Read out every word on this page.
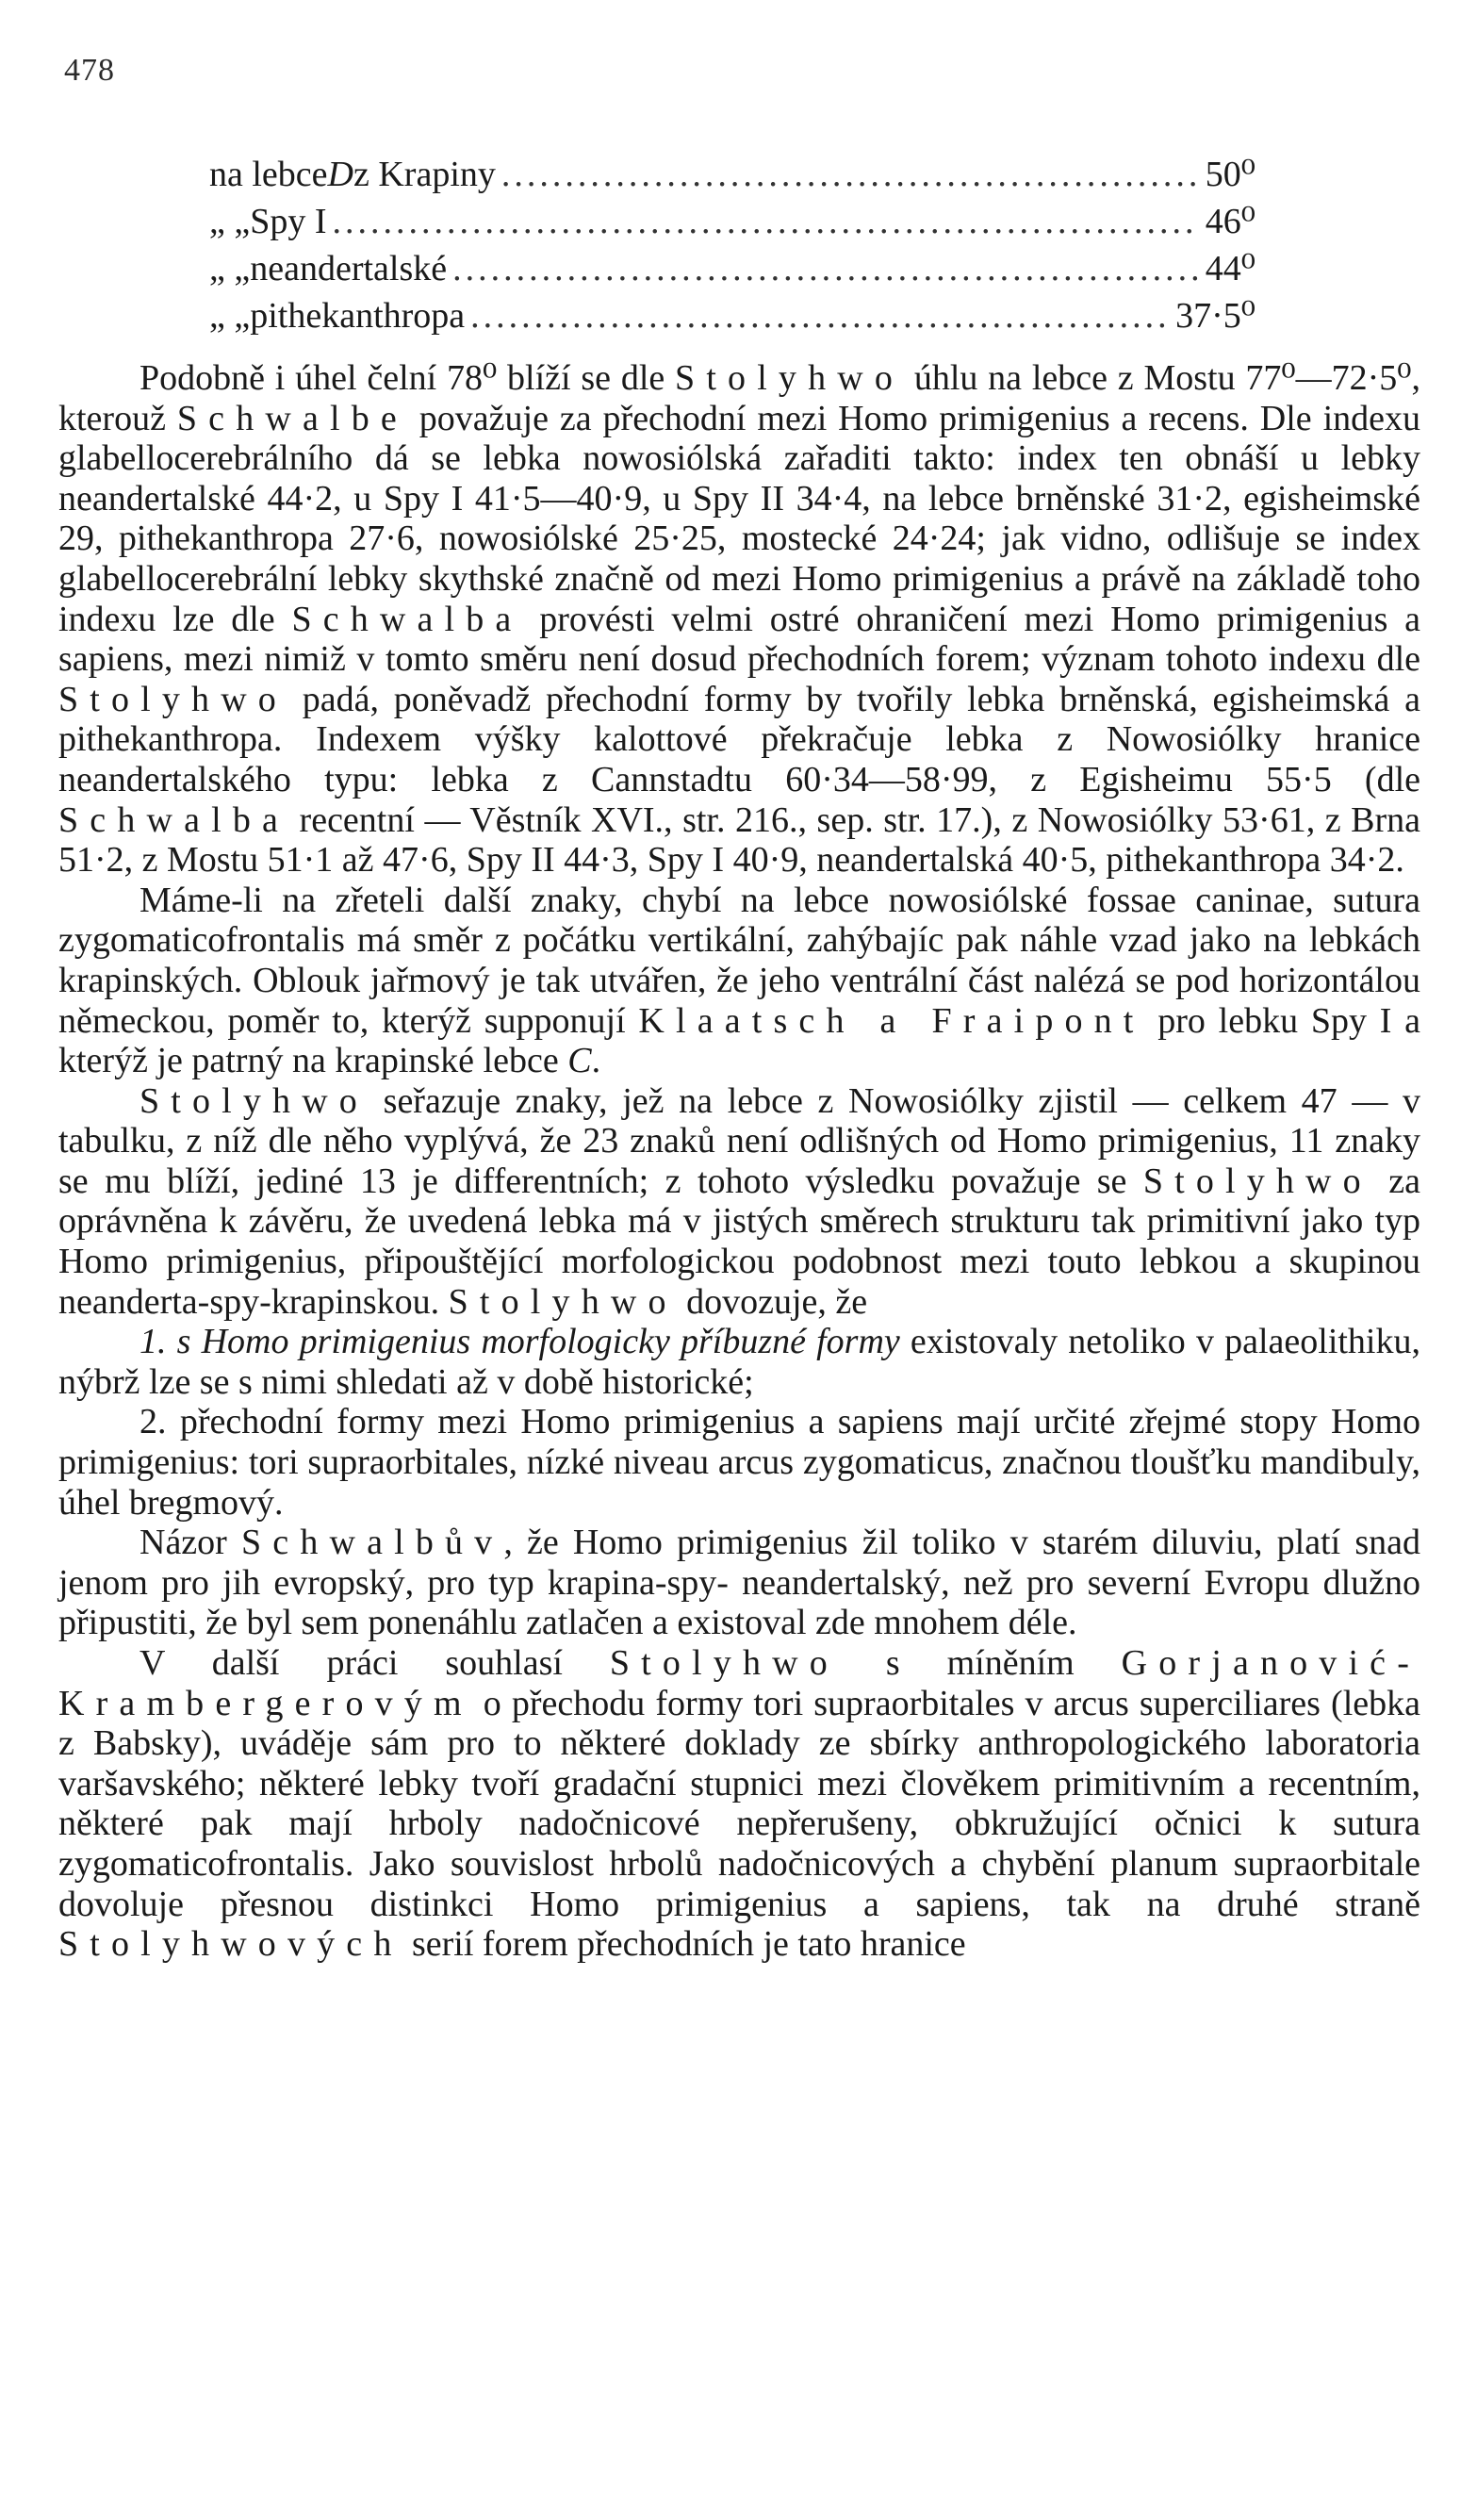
478
na lebce D z Krapiny .....	50⁰
„ „ Spy I .....	46⁰
„ „ neandertalské .....	44⁰
„ „ pithekanthropa .....	37·5⁰

Podobně i úhel čelní 78⁰ blíží se dle Stolyhwo úhlu na lebce z Mostu 77⁰—72·5⁰, kterouž Schwalbe považuje za přechodní mezi Homo primigenius a recens. Dle indexu glabellocerebrálního dá se lebka nowosiólská zařaditi takto: index ten obnáší u lebky neandertalské 44·2, u Spy I 41·5—40·9, u Spy II 34·4, na lebce brněnské 31·2, egisheimské 29, pithekanthropa 27·6, nowosiólské 25·25, mostecké 24·24; jak vidno, odlišuje se index glabellocerebrální lebky skythské značně od mezi Homo primigenius a právě na základě toho indexu lze dle Schwalba provésti velmi ostré ohraničení mezi Homo primigenius a sapiens, mezi nimiž v tomto směru není dosud přechodních forem; význam tohoto indexu dle Stolyhwo padá, poněvadž přechodní formy by tvořily lebka brněnská, egisheimská a pithekanthropa. Indexem výšky kalottové překračuje lebka z Nowosiólky hranice neandertalského typu: lebka z Cannstadtu 60·34—58·99, z Egisheimu 55·5 (dle Schwalba recentní — Věstník XVI., str. 216., sep. str. 17.), z Nowosiólky 53·61, z Brna 51·2, z Mostu 51·1 až 47·6, Spy II 44·3, Spy I 40·9, neandertalská 40·5, pithekanthropa 34·2.

Máme-li na zřeteli další znaky, chybí na lebce nowosiólské fossae caninae, sutura zygomaticofrontalis má směr z počátku vertikální, zahýbajíc pak náhle vzad jako na lebkách krapinských. Oblouk jařmový je tak utvářen, že jeho ventrální část nalézá se pod horizontálou německou, poměr to, kterýž supponují Klaatsch a Fraipont pro lebku Spy I a kterýž je patrný na krapinské lebce C.

Stolyhwo seřazuje znaky, jež na lebce z Nowosiólky zjistil — celkem 47 — v tabulku, z níž dle něho vyplývá, že 23 znaků není odlišných od Homo primigenius, 11 znaky se mu blíží, jediné 13 je differentních; z tohoto výsledku považuje se Stolyhwo za oprávněna k závěru, že uvedená lebka má v jistých směrech strukturu tak primitivní jako typ Homo primigenius, připouštějící morfologickou podobnost mezi touto lebkou a skupinou neanderta-spy-krapinskou. Stolyhwo dovozuje, že

1. s Homo primigenius morfologicky příbuzné formy existovaly netoliko v palaeolithiku, nýbrž lze se s nimi shledati až v době historické;

2. přechodní formy mezi Homo primigenius a sapiens mají určité zřejmé stopy Homo primigenius: tori supraorbitales, nízké niveau arcus zygomaticus, značnou tloušťku mandibuly, úhel bregmový.

Názor Schwalbův, že Homo primigenius žil toliko v starém diluviu, platí snad jenom pro jih evropský, pro typ krapina-spy- neandertalský, než pro severní Evropu dlužno připustiti, že byl sem ponenáhlu zatlačen a existoval zde mnohem déle.

V další práci souhlasí Stolyhwo s míněním Gorjanović-Krambergerovým o přechodu formy tori supraorbitales v arcus superciliares (lebka z Babsky), uváděje sám pro to některé doklady ze sbírky anthropologického laboratoria varšavského; některé lebky tvoří gradační stupnici mezi člověkem primitivním a recentním, některé pak mají hrboly nadočnicové nepřerušeny, obkružující očnici k sutura zygomaticofrontalis. Jako souvislost hrbolů nadočnicových a chybění planum supraorbitale dovoluje přesnou distinkci Homo primigenius a sapiens, tak na druhé straně Stolyhwových serií forem přechodních je tato hranice
